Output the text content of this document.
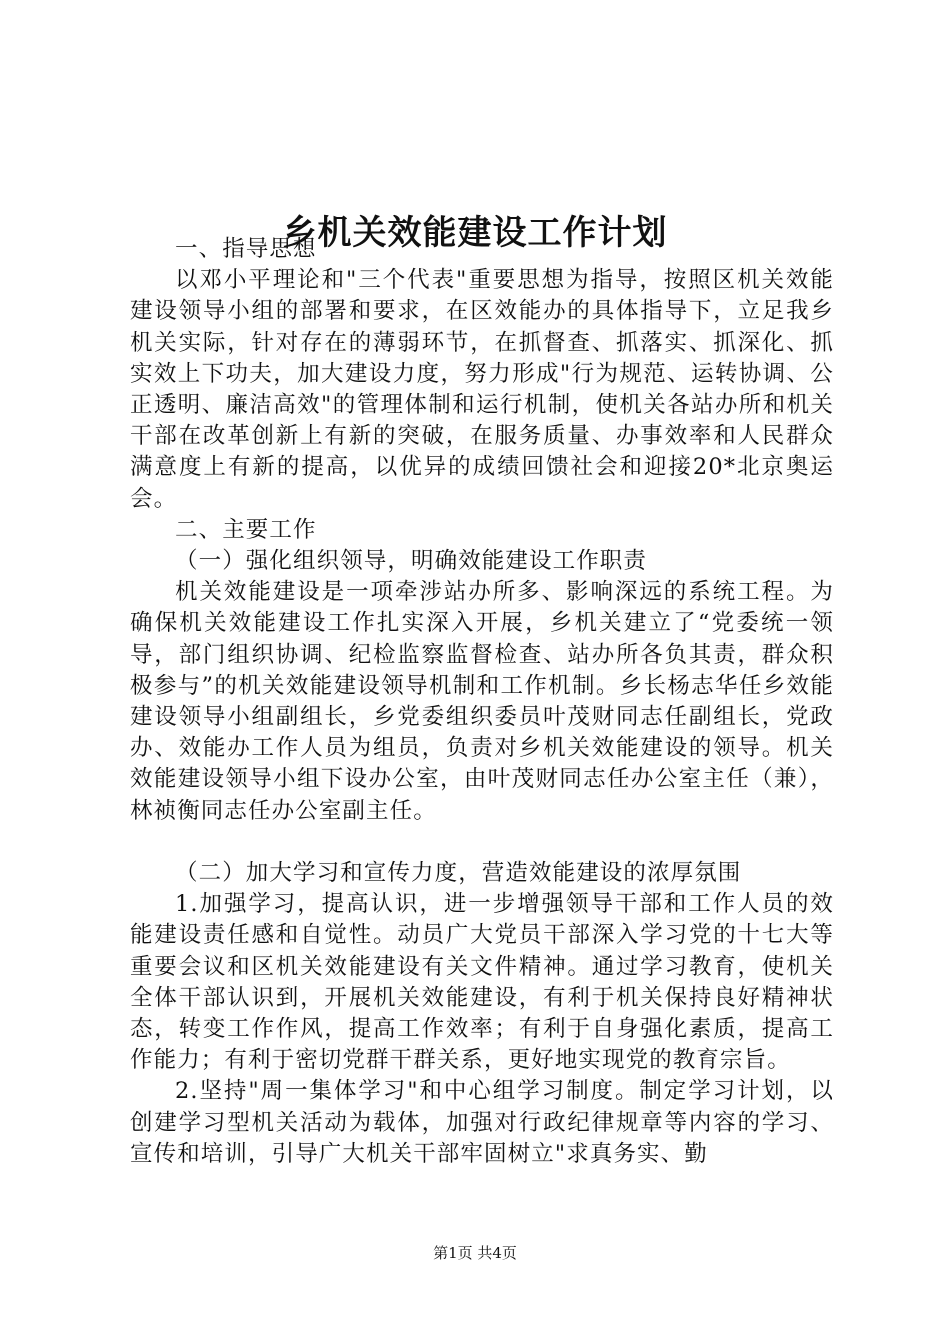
乡机关效能建设工作计划

一、指导思想

以邓小平理论和"三个代表"重要思想为指导，按照区机关效能建设领导小组的部署和要求，在区效能办的具体指导下，立足我乡机关实际，针对存在的薄弱环节，在抓督查、抓落实、抓深化、抓实效上下功夫，加大建设力度，努力形成"行为规范、运转协调、公正透明、廉洁高效"的管理体制和运行机制，使机关各站办所和机关干部在改革创新上有新的突破，在服务质量、办事效率和人民群众满意度上有新的提高，以优异的成绩回馈社会和迎接20*北京奥运会。

二、主要工作

（一）强化组织领导，明确效能建设工作职责

机关效能建设是一项牵涉站办所多、影响深远的系统工程。为确保机关效能建设工作扎实深入开展，乡机关建立了“党委统一领导，部门组织协调、纪检监察监督检查、站办所各负其责，群众积极参与”的机关效能建设领导机制和工作机制。乡长杨志华任乡效能建设领导小组副组长，乡党委组织委员叶茂财同志任副组长，党政办、效能办工作人员为组员，负责对乡机关效能建设的领导。机关效能建设领导小组下设办公室，由叶茂财同志任办公室主任（兼），林祯衡同志任办公室副主任。

（二）加大学习和宣传力度，营造效能建设的浓厚氛围

1.加强学习，提高认识，进一步增强领导干部和工作人员的效能建设责任感和自觉性。动员广大党员干部深入学习党的十七大等重要会议和区机关效能建设有关文件精神。通过学习教育，使机关全体干部认识到，开展机关效能建设，有利于机关保持良好精神状态，转变工作作风，提高工作效率；有利于自身强化素质，提高工作能力；有利于密切党群干群关系，更好地实现党的教育宗旨。

2.坚持"周一集体学习"和中心组学习制度。制定学习计划，以创建学习型机关活动为载体，加强对行政纪律规章等内容的学习、宣传和培训，引导广大机关干部牢固树立"求真务实、勤

第1页 共4页
